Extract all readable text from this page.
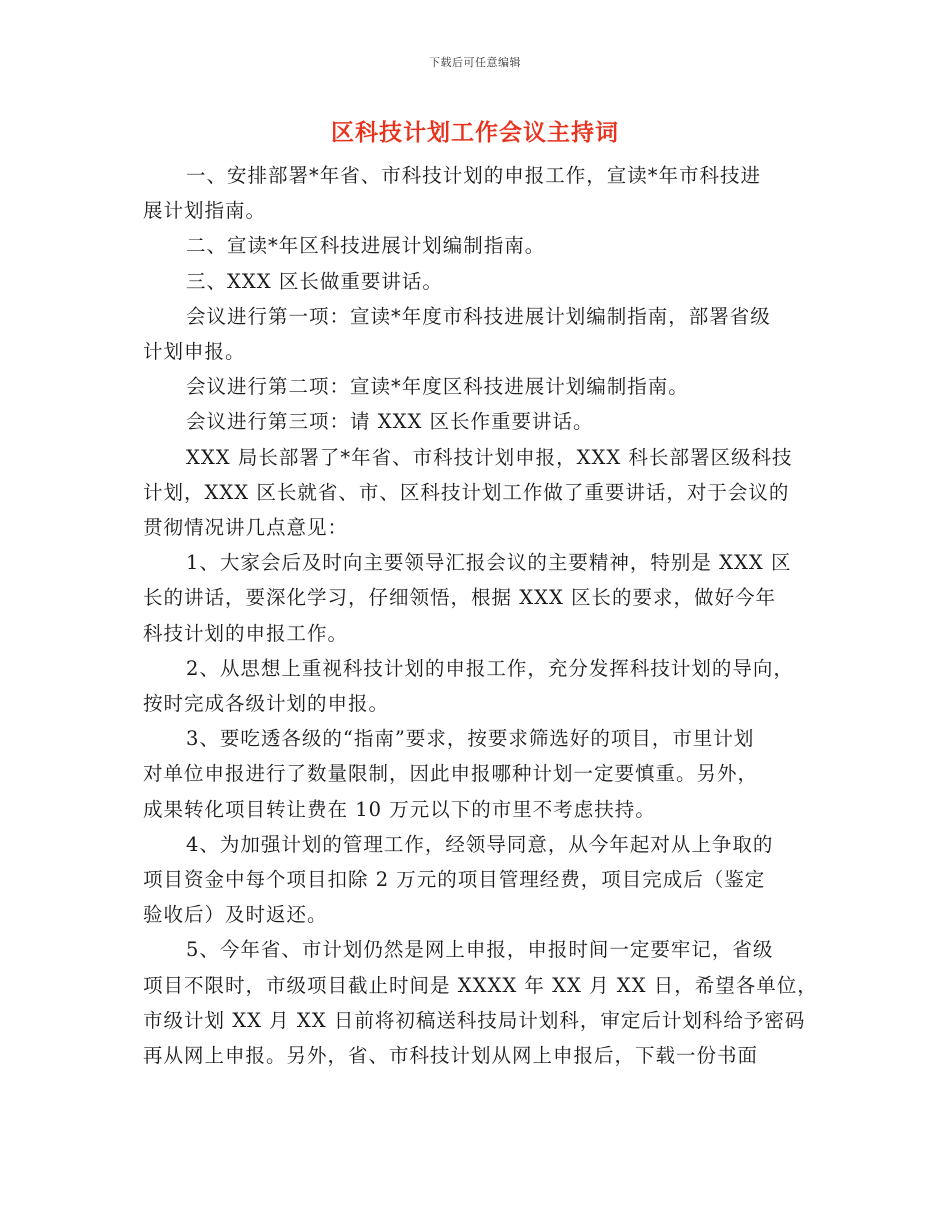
下载后可任意编辑
区科技计划工作会议主持词

一、安排部署*年省、市科技计划的申报工作，宣读*年市科技进
展计划指南。

二、宣读*年区科技进展计划编制指南。

三、XXX 区长做重要讲话。

会议进行第一项：宣读*年度市科技进展计划编制指南，部署省级
计划申报。

会议进行第二项：宣读*年度区科技进展计划编制指南。

会议进行第三项：请 XXX 区长作重要讲话。

XXX 局长部署了*年省、市科技计划申报，XXX 科长部署区级科技
计划，XXX 区长就省、市、区科技计划工作做了重要讲话，对于会议的
贯彻情况讲几点意见：

1、大家会后及时向主要领导汇报会议的主要精神，特别是 XXX 区
长的讲话，要深化学习，仔细领悟，根据 XXX 区长的要求，做好今年
科技计划的申报工作。

2、从思想上重视科技计划的申报工作，充分发挥科技计划的导向，
按时完成各级计划的申报。

3、要吃透各级的“指南”要求，按要求筛选好的项目，市里计划
对单位申报进行了数量限制，因此申报哪种计划一定要慎重。另外，
成果转化项目转让费在 10 万元以下的市里不考虑扶持。

4、为加强计划的管理工作，经领导同意，从今年起对从上争取的
项目资金中每个项目扣除 2 万元的项目管理经费，项目完成后（鉴定
验收后）及时返还。

5、今年省、市计划仍然是网上申报，申报时间一定要牢记，省级
项目不限时，市级项目截止时间是 XXXX 年 XX 月 XX 日，希望各单位，
市级计划 XX 月 XX 日前将初稿送科技局计划科，审定后计划科给予密码
再从网上申报。另外，省、市科技计划从网上申报后，下载一份书面
